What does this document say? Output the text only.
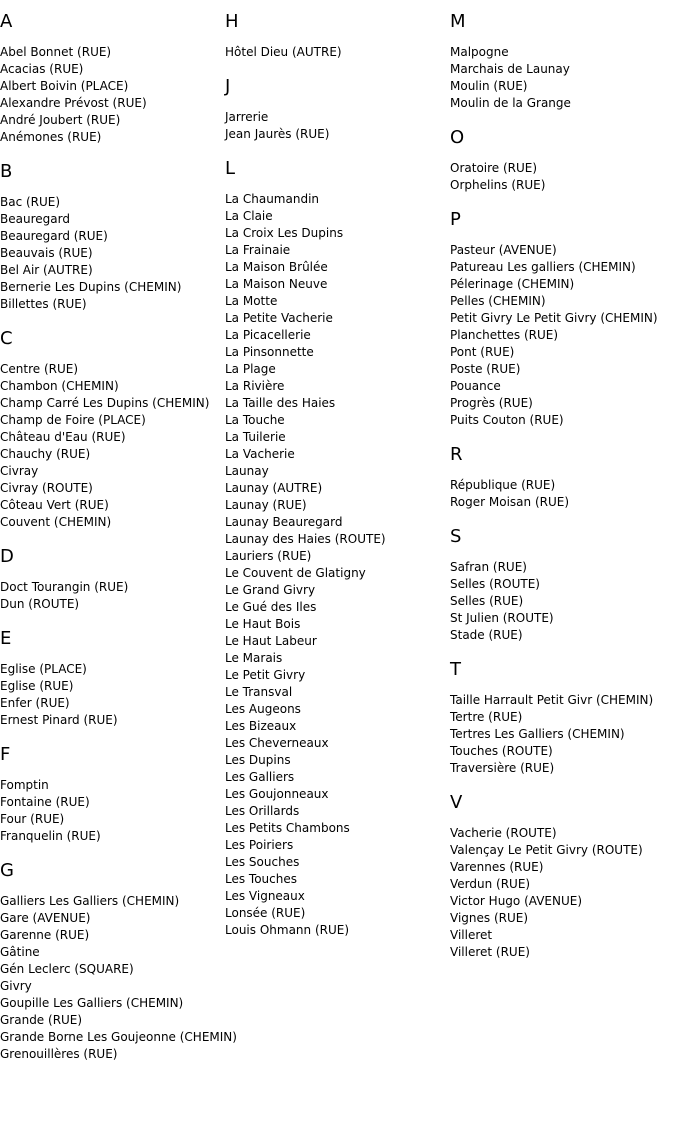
A
Abel Bonnet (RUE)
Acacias (RUE)
Albert Boivin (PLACE)
Alexandre Prévost (RUE)
André Joubert (RUE)
Anémones (RUE)
B
Bac (RUE)
Beauregard
Beauregard (RUE)
Beauvais (RUE)
Bel Air (AUTRE)
Bernerie Les Dupins (CHEMIN)
Billettes (RUE)
C
Centre (RUE)
Chambon (CHEMIN)
Champ Carré Les Dupins (CHEMIN)
Champ de Foire (PLACE)
Château d'Eau (RUE)
Chauchy (RUE)
Civray
Civray (ROUTE)
Côteau Vert (RUE)
Couvent (CHEMIN)
D
Doct Tourangin (RUE)
Dun (ROUTE)
E
Eglise (PLACE)
Eglise (RUE)
Enfer (RUE)
Ernest Pinard (RUE)
F
Fomptin
Fontaine (RUE)
Four (RUE)
Franquelin (RUE)
G
Galliers Les Galliers (CHEMIN)
Gare (AVENUE)
Garenne (RUE)
Gâtine
Gén Leclerc (SQUARE)
Givry
Goupille Les Galliers (CHEMIN)
Grande (RUE)
Grande Borne Les Goujeonne (CHEMIN)
Grenouillères (RUE)
H
Hôtel Dieu (AUTRE)
J
Jarrerie
Jean Jaurès (RUE)
L
La Chaumandin
La Claie
La Croix Les Dupins
La Frainaie
La Maison Brûlée
La Maison Neuve
La Motte
La Petite Vacherie
La Picacellerie
La Pinsonnette
La Plage
La Rivière
La Taille des Haies
La Touche
La Tuilerie
La Vacherie
Launay
Launay (AUTRE)
Launay (RUE)
Launay Beauregard
Launay des Haies (ROUTE)
Lauriers (RUE)
Le Couvent de Glatigny
Le Grand Givry
Le Gué des Iles
Le Haut Bois
Le Haut Labeur
Le Marais
Le Petit Givry
Le Transval
Les Augeons
Les Bizeaux
Les Cheverneaux
Les Dupins
Les Galliers
Les Goujonneaux
Les Orillards
Les Petits Chambons
Les Poiriers
Les Souches
Les Touches
Les Vigneaux
Lonsée (RUE)
Louis Ohmann (RUE)
M
Malpogne
Marchais de Launay
Moulin (RUE)
Moulin de la Grange
O
Oratoire (RUE)
Orphelins (RUE)
P
Pasteur (AVENUE)
Patureau Les galliers (CHEMIN)
Pélerinage (CHEMIN)
Pelles (CHEMIN)
Petit Givry Le Petit Givry (CHEMIN)
Planchettes (RUE)
Pont (RUE)
Poste (RUE)
Pouance
Progrès (RUE)
Puits Couton (RUE)
R
République (RUE)
Roger Moisan (RUE)
S
Safran (RUE)
Selles (ROUTE)
Selles (RUE)
St Julien (ROUTE)
Stade (RUE)
T
Taille Harrault Petit Givr (CHEMIN)
Tertre (RUE)
Tertres Les Galliers (CHEMIN)
Touches (ROUTE)
Traversière (RUE)
V
Vacherie (ROUTE)
Valençay Le Petit Givry (ROUTE)
Varennes (RUE)
Verdun (RUE)
Victor Hugo (AVENUE)
Vignes (RUE)
Villeret
Villeret (RUE)
